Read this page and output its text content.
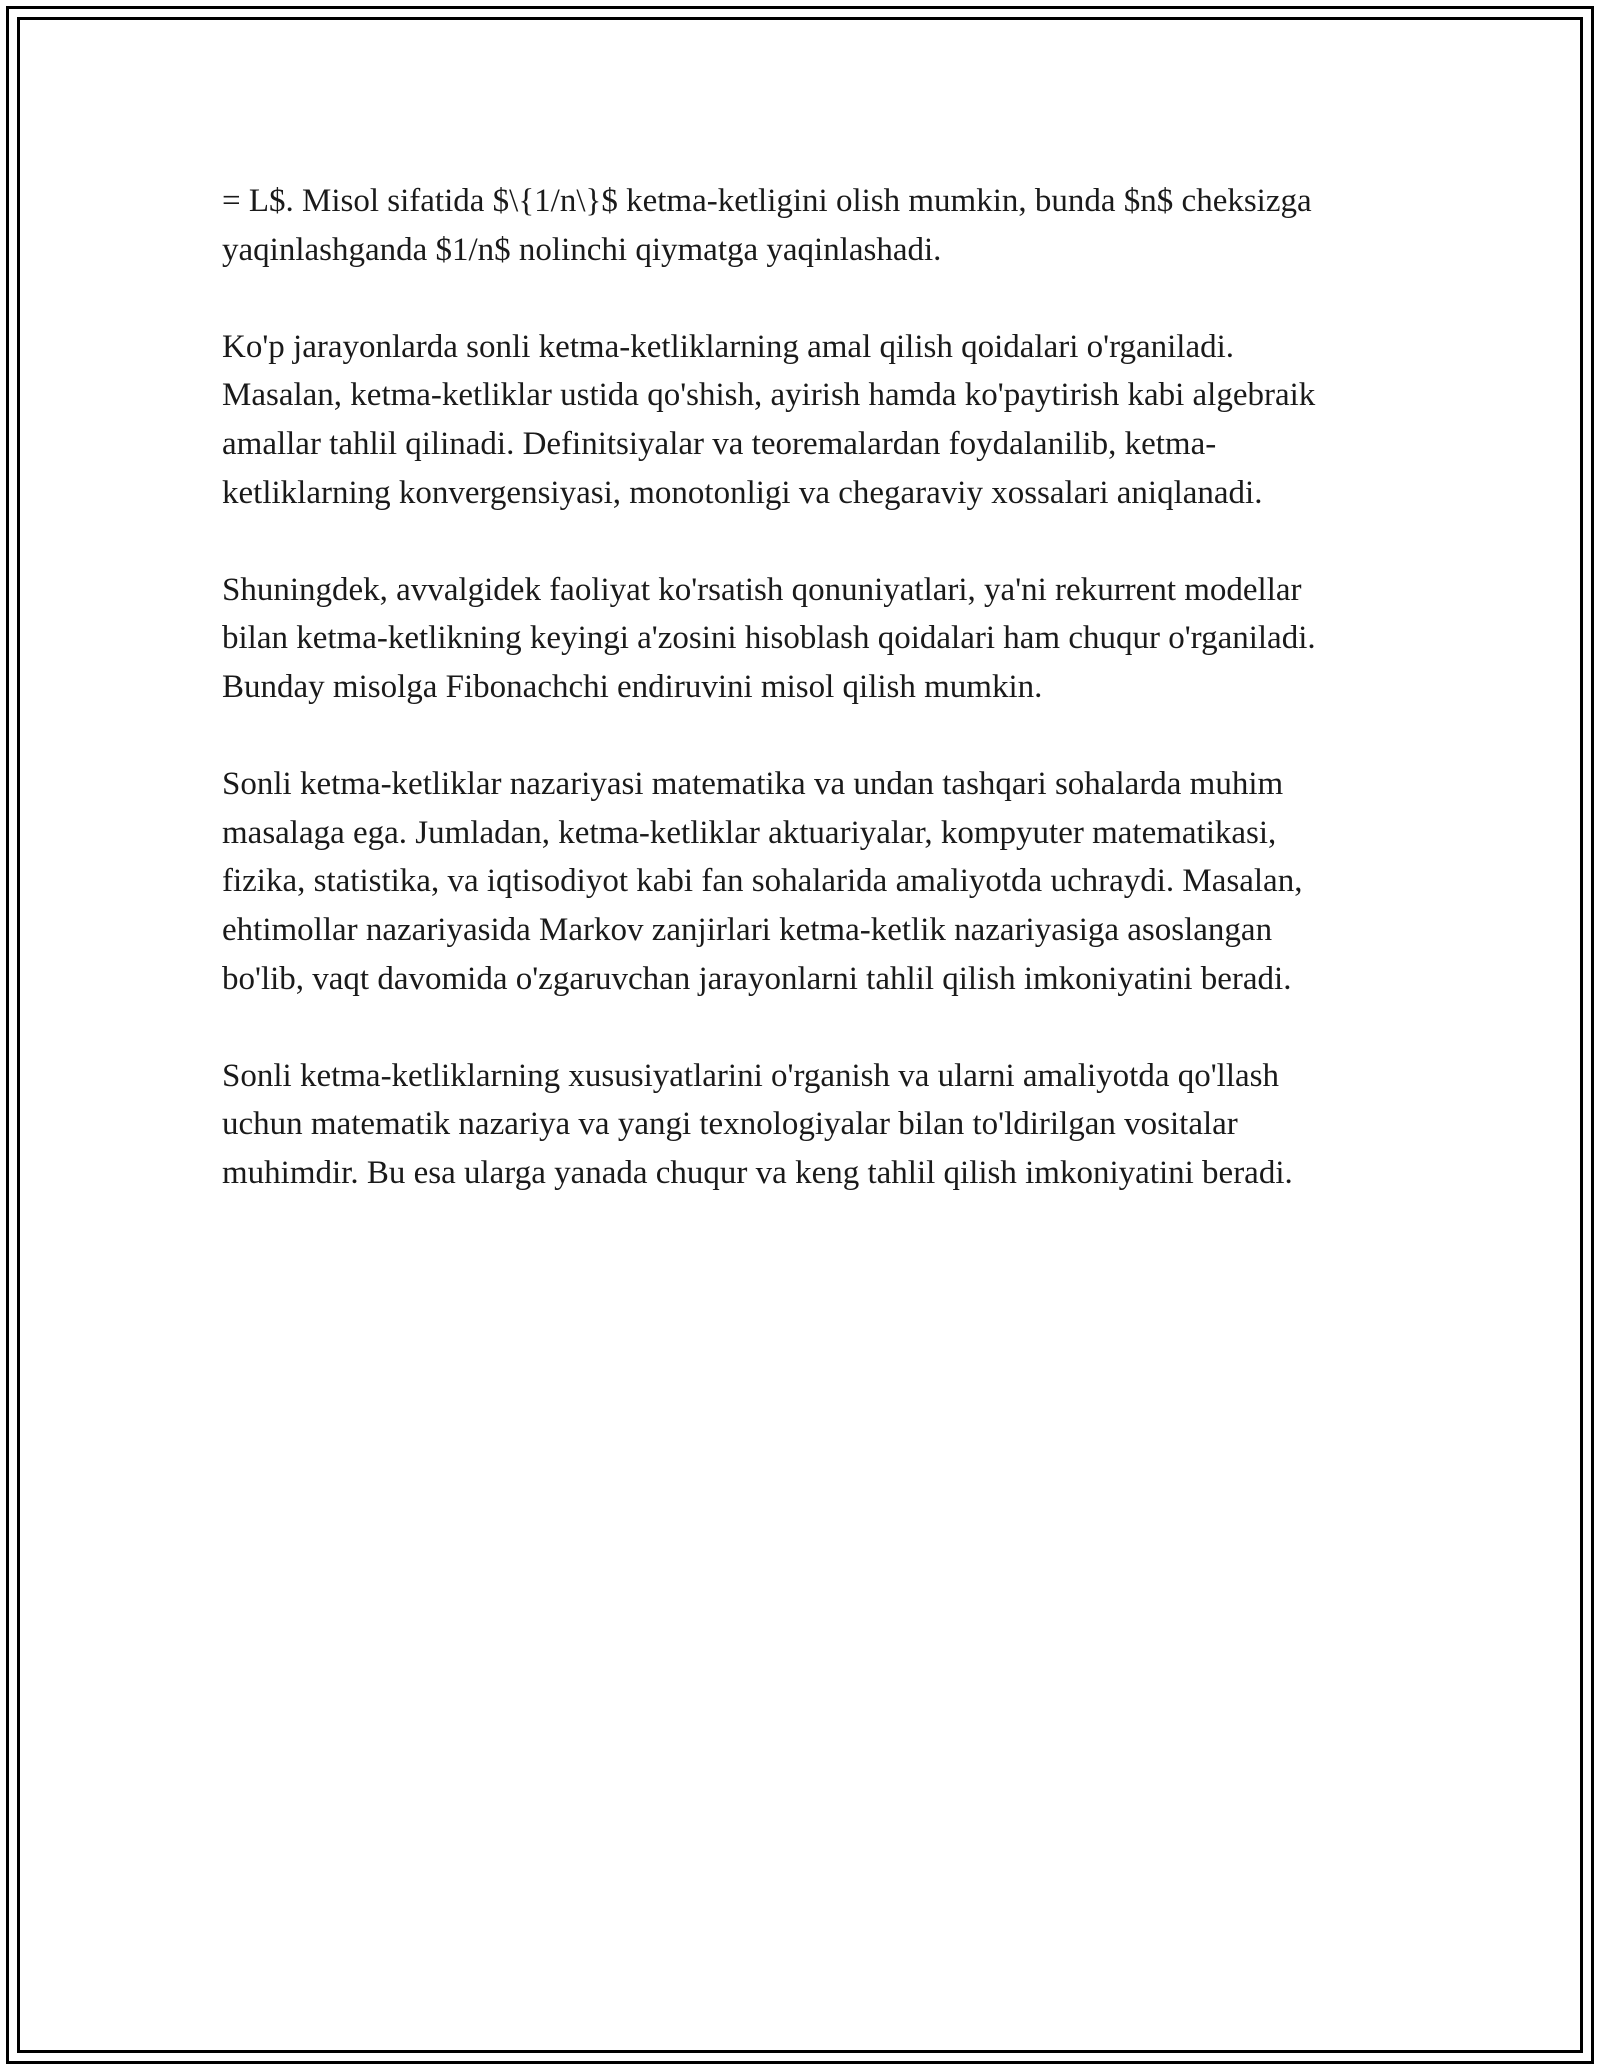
= L$. Misol sifatida $\{1/n\}$ ketma-ketligini olish mumkin, bunda $n$ cheksizga yaqinlashganda $1/n$ nolinchi qiymatga yaqinlashadi.

Ko'p jarayonlarda sonli ketma-ketliklarning amal qilish qoidalari o'rganiladi. Masalan, ketma-ketliklar ustida qo'shish, ayirish hamda ko'paytirish kabi algebraik amallar tahlil qilinadi. Definitsiyalar va teoremalardan foydalanilib, ketma-ketliklarning konvergensiyasi, monotonligi va chegaraviy xossalari aniqlanadi.

Shuningdek, avvalgidek faoliyat ko'rsatish qonuniyatlari, ya'ni rekurrent modellar bilan ketma-ketlikning keyingi a'zosini hisoblash qoidalari ham chuqur o'rganiladi. Bunday misolga Fibonachchi endiruvini misol qilish mumkin.

Sonli ketma-ketliklar nazariyasi matematika va undan tashqari sohalarda muhim masalaga ega. Jumladan, ketma-ketliklar aktuariyalar, kompyuter matematikasi, fizika, statistika, va iqtisodiyot kabi fan sohalarida amaliyotda uchraydi. Masalan, ehtimollar nazariyasida Markov zanjirlari ketma-ketlik nazariyasiga asoslangan bo'lib, vaqt davomida o'zgaruvchan jarayonlarni tahlil qilish imkoniyatini beradi.

Sonli ketma-ketliklarning xususiyatlarini o'rganish va ularni amaliyotda qo'llash uchun matematik nazariya va yangi texnologiyalar bilan to'ldirilgan vositalar muhimdir. Bu esa ularga yanada chuqur va keng tahlil qilish imkoniyatini beradi.
